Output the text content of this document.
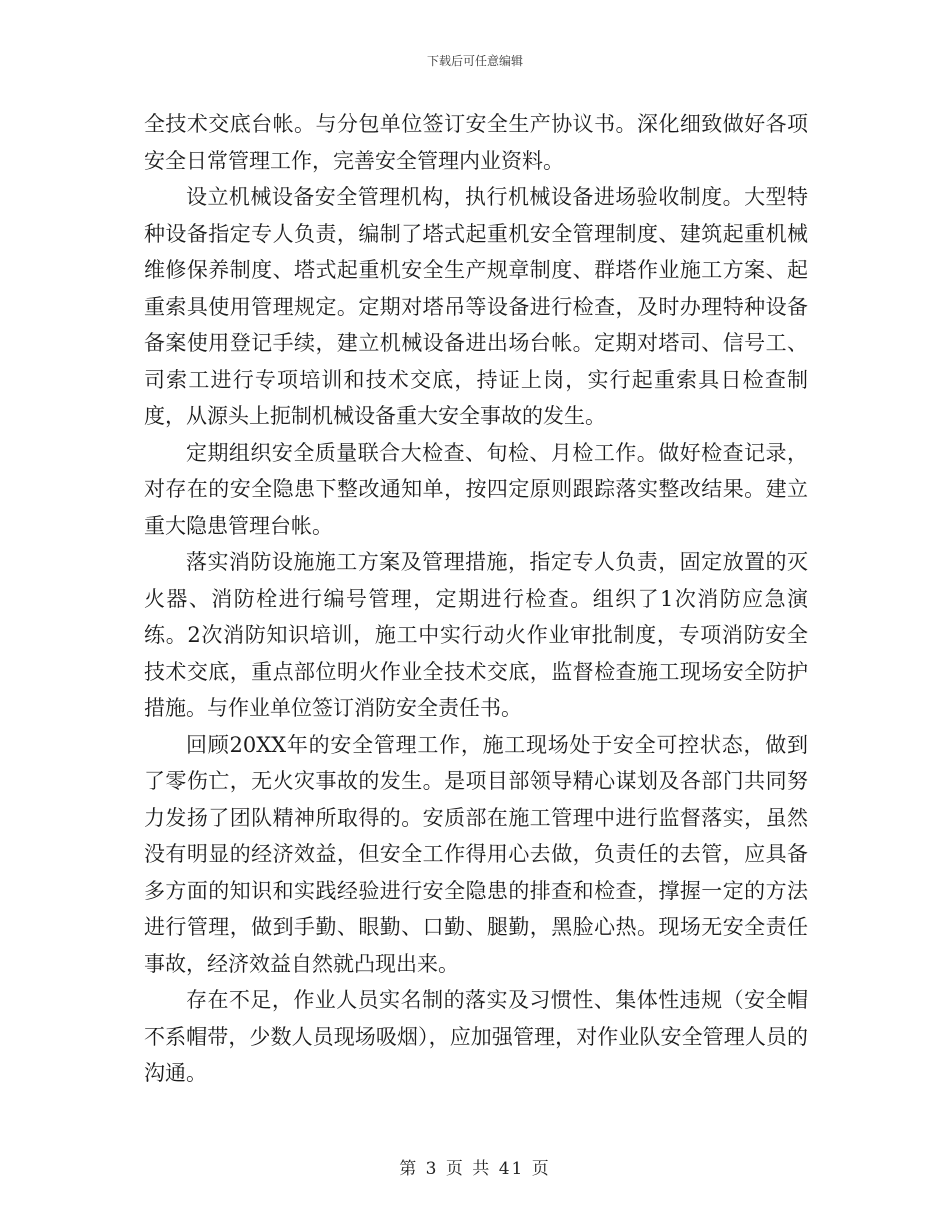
下载后可任意编辑

全技术交底台帐。与分包单位签订安全生产协议书。深化细致做好各项安全日常管理工作，完善安全管理内业资料。

设立机械设备安全管理机构，执行机械设备进场验收制度。大型特种设备指定专人负责，编制了塔式起重机安全管理制度、建筑起重机械维修保养制度、塔式起重机安全生产规章制度、群塔作业施工方案、起重索具使用管理规定。定期对塔吊等设备进行检查，及时办理特种设备备案使用登记手续，建立机械设备进出场台帐。定期对塔司、信号工、司索工进行专项培训和技术交底，持证上岗，实行起重索具日检查制度，从源头上扼制机械设备重大安全事故的发生。

定期组织安全质量联合大检查、旬检、月检工作。做好检查记录，对存在的安全隐患下整改通知单，按四定原则跟踪落实整改结果。建立重大隐患管理台帐。

落实消防设施施工方案及管理措施，指定专人负责，固定放置的灭火器、消防栓进行编号管理，定期进行检查。组织了1次消防应急演练。2次消防知识培训，施工中实行动火作业审批制度，专项消防安全技术交底，重点部位明火作业全技术交底，监督检查施工现场安全防护措施。与作业单位签订消防安全责任书。

回顾20XX年的安全管理工作，施工现场处于安全可控状态，做到了零伤亡，无火灾事故的发生。是项目部领导精心谋划及各部门共同努力发扬了团队精神所取得的。安质部在施工管理中进行监督落实，虽然没有明显的经济效益，但安全工作得用心去做，负责任的去管，应具备多方面的知识和实践经验进行安全隐患的排查和检查，撑握一定的方法进行管理，做到手勤、眼勤、口勤、腿勤，黑脸心热。现场无安全责任事故，经济效益自然就凸现出来。

存在不足，作业人员实名制的落实及习惯性、集体性违规（安全帽不系帽带，少数人员现场吸烟），应加强管理，对作业队安全管理人员的沟通。

第 3 页 共 41 页
